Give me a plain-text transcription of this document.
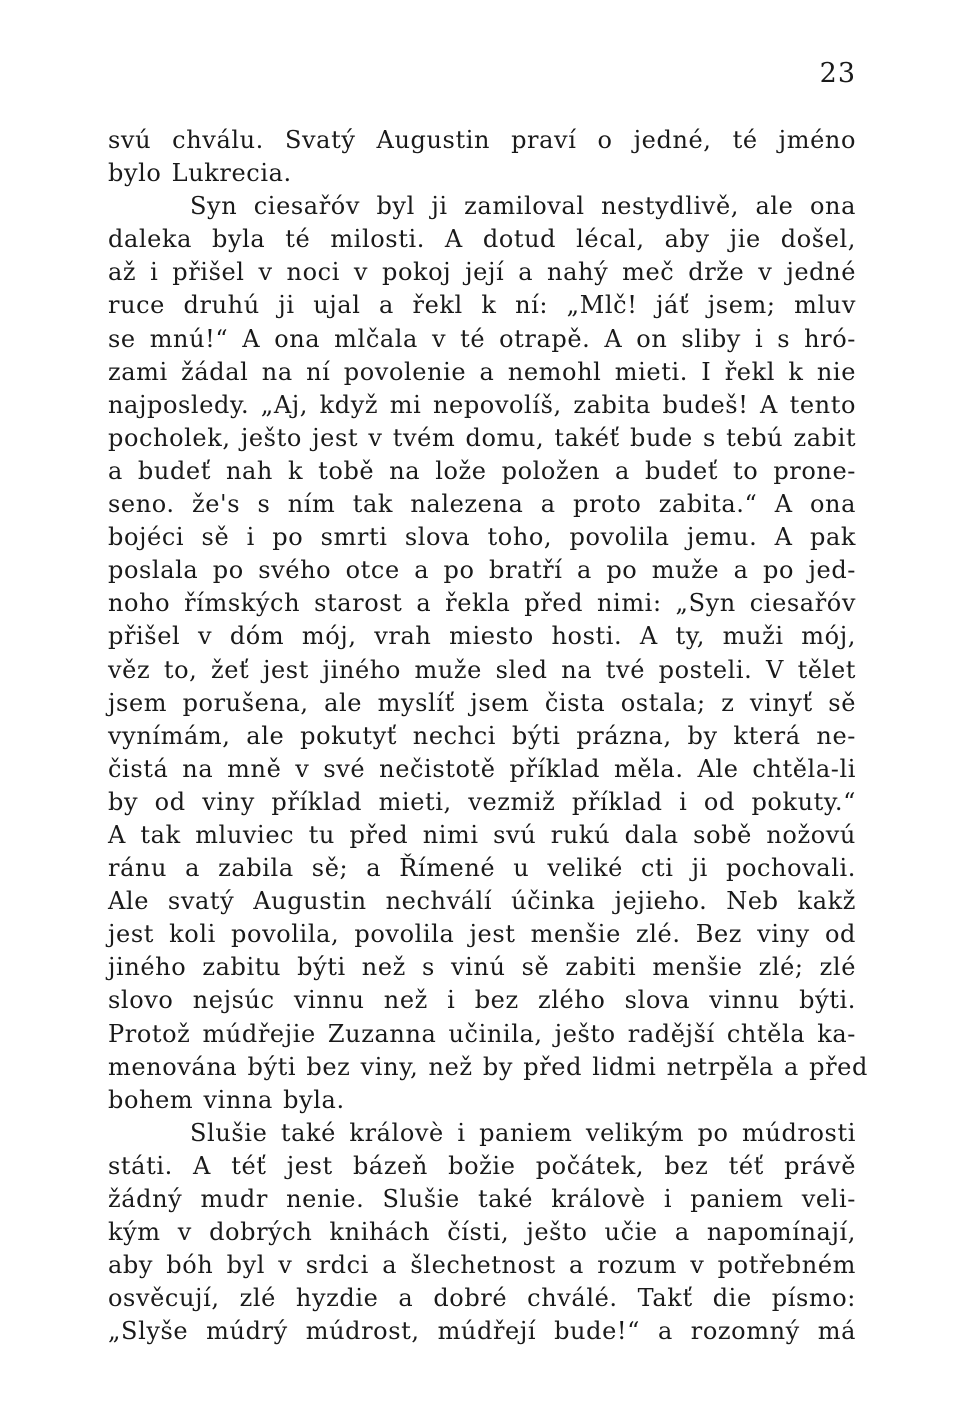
23
svú chválu. Svatý Augustin praví o jedné, té jméno
bylo Lukrecia.
Syn ciesařóv byl ji zamiloval nestydlivě, ale ona
daleka byla té milosti. A dotud lécal, aby jie došel,
až i přišel v noci v pokoj její a nahý meč drže v jedné
ruce druhú ji ujal a řekl k ní: „Mlč! jáť jsem; mluv
se mnú!“ A ona mlčala v té otrapě. A on sliby i s hró-
zami žádal na ní povolenie a nemohl mieti. I řekl k nie
najposledy. „Aj, když mi nepovolíš, zabita budeš! A tento
pocholek, ješto jest v tvém domu, takéť bude s tebú zabit
a budeť nah k tobě na lože položen a budeť to prone-
seno. že's s ním tak nalezena a proto zabita.“ A ona
bojéci sě i po smrti slova toho, povolila jemu. A pak
poslala po svého otce a po bratří a po muže a po jed-
noho římských starost a řekla před nimi: „Syn ciesařóv
přišel v dóm mój, vrah miesto hosti. A ty, muži mój,
věz to, žeť jest jiného muže sled na tvé posteli. V tělet
jsem porušena, ale myslíť jsem čista ostala; z vinyť sě
vynímám, ale pokutyť nechci býti prázna, by která ne-
čistá na mně v své nečistotě příklad měla. Ale chtěla-li
by od viny příklad mieti, vezmiž příklad i od pokuty.“
A tak mluviec tu před nimi svú rukú dala sobě nožovú
ránu a zabila sě; a Římené u veliké cti ji pochovali.
Ale svatý Augustin nechválí účinka jejieho. Neb kakž
jest koli povolila, povolila jest menšie zlé. Bez viny od
jiného zabitu býti než s vinú sě zabiti menšie zlé; zlé
slovo nejsúc vinnu než i bez zlého slova vinnu býti.
Protož múdřejie Zuzanna učinila, ješto radější chtěla ka-
menována býti bez viny, než by před lidmi netrpěla a před
bohem vinna byla.
Slušie také královè i paniem velikým po múdrosti
státi. A téť jest bázeň božie počátek, bez téť právě
žádný mudr nenie. Slušie také královè i paniem veli-
kým v dobrých knihách čísti, ješto učie a napomínají,
aby bóh byl v srdci a šlechetnost a rozum v potřebném
osvěcují, zlé hyzdie a dobré chválé. Takť die písmo:
„Slyše múdrý múdrost, múdřejí bude!“ a rozomný má
